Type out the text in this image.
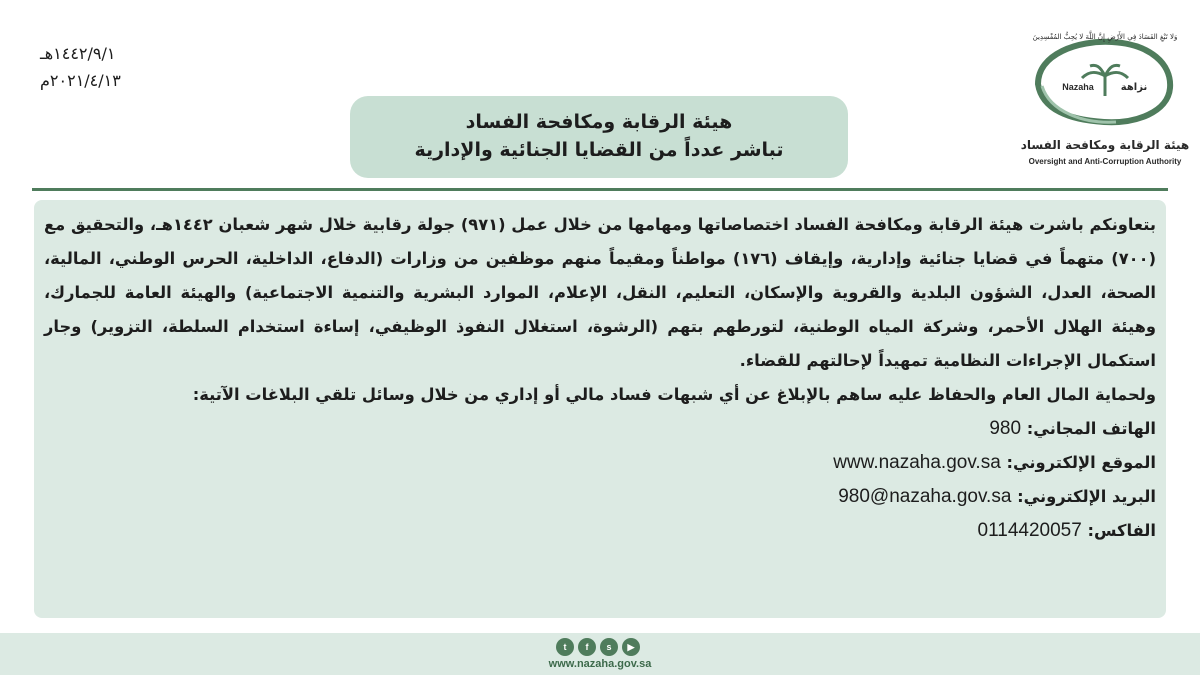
وَلا تَبْغِ الفَسَادَ فِي الأَرْضِ إِنَّ اللَّهَ لا يُحِبُّ المُفْسِدِينَ
Nazaha	نزاهة
هيئة الرقابة ومكافحة الفساد
Oversight and Anti-Corruption Authority
١٤٤٢/٩/١هـ
٢٠٢١/٤/١٣م
هيئة الرقابة ومكافحة الفساد
تباشر عدداً من القضايا الجنائية والإدارية

بتعاونكم باشرت هيئة الرقابة ومكافحة الفساد اختصاصاتها ومهامها من خلال عمل (٩٧١) جولة رقابية خلال شهر شعبان ١٤٤٢هـ، والتحقيق مع (٧٠٠) متهماً في قضايا جنائية وإدارية، وإيقاف (١٧٦) مواطناً ومقيماً منهم موظفين من وزارات (الدفاع، الداخلية، الحرس الوطني، المالية، الصحة، العدل، الشؤون البلدية والقروية والإسكان، التعليم، النقل، الإعلام، الموارد البشرية والتنمية الاجتماعية) والهيئة العامة للجمارك، وهيئة الهلال الأحمر، وشركة المياه الوطنية، لتورطهم بتهم (الرشوة، استغلال النفوذ الوظيفي، إساءة استخدام السلطة، التزوير) وجار استكمال الإجراءات النظامية تمهيداً لإحالتهم للقضاء.

ولحماية المال العام والحفاظ عليه ساهم بالإبلاغ عن أي شبهات فساد مالي أو إداري من خلال وسائل تلقي البلاغات الآتية:

الهاتف المجاني: 980

الموقع الإلكتروني: www.nazaha.gov.sa

البريد الإلكتروني: 980@nazaha.gov.sa

الفاكس: 0114420057

t	f	s	▶
www.nazaha.gov.sa
